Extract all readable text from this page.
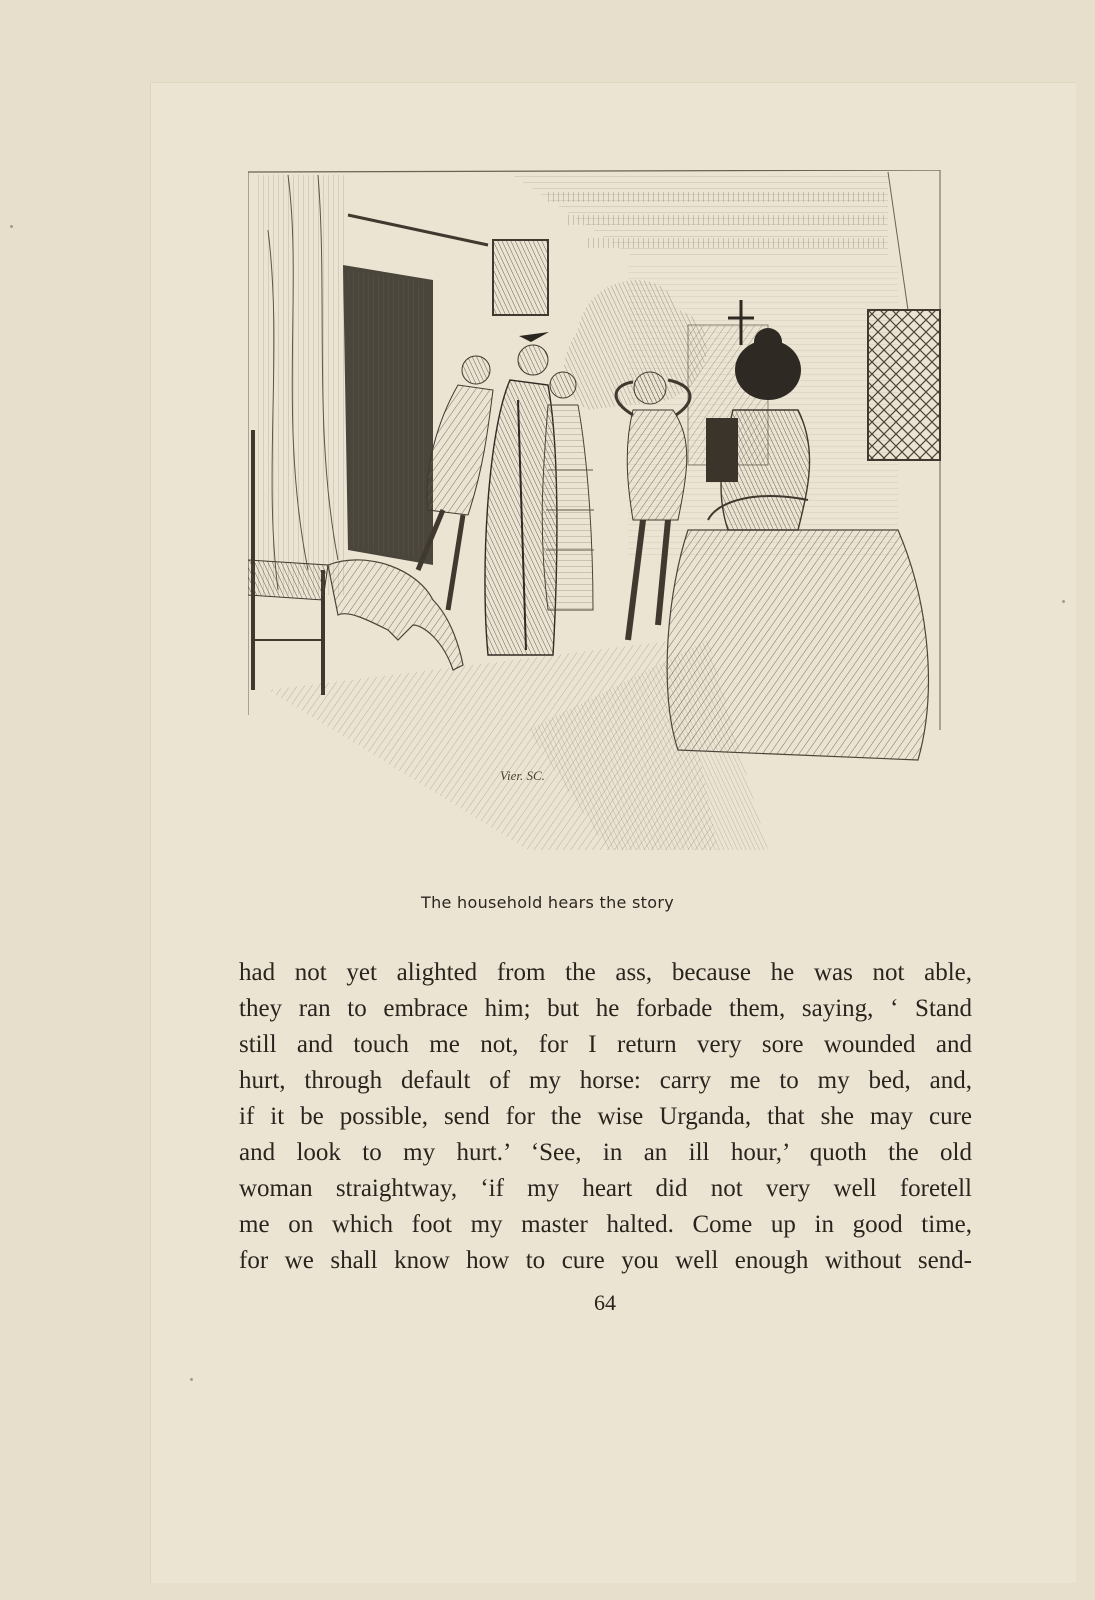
Vier. SC.
The household hears the story
had not yet alighted from the ass, because he was not able,
they ran to embrace him; but he forbade them, saying, ‘ Stand
still and touch me not, for I return very sore wounded and
hurt, through default of my horse: carry me to my bed, and,
if it be possible, send for the wise Urganda, that she may cure
and look to my hurt.’ ‘See, in an ill hour,’ quoth the old
woman straightway, ‘if my heart did not very well foretell
me on which foot my master halted. Come up in good time,
for we shall know how to cure you well enough without send-
64
